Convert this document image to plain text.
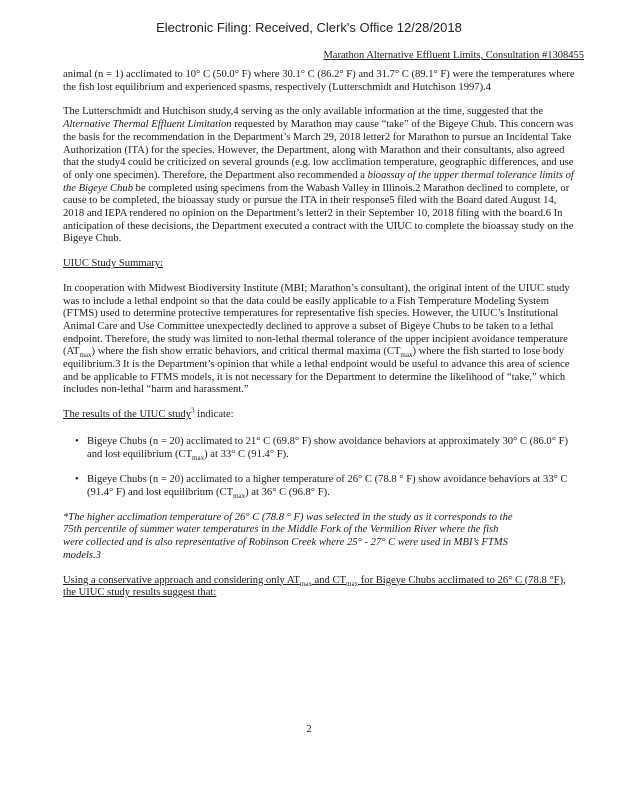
Electronic Filing: Received, Clerk's Office 12/28/2018
Marathon Alternative Effluent Limits, Consultation #1308455

animal (n = 1) acclimated to 10° C (50.0° F) where 30.1° C (86.2° F) and 31.7° C (89.1° F) were the temperatures where the fish lost equilibrium and experienced spasms, respectively (Lutterschmidt and Hutchison 1997).4

The Lutterschmidt and Hutchison study,4 serving as the only available information at the time, suggested that the Alternative Thermal Effluent Limitation requested by Marathon may cause “take” of the Bigeye Chub. This concern was the basis for the recommendation in the Department’s March 29, 2018 letter2 for Marathon to pursue an Incidental Take Authorization (ITA) for the species. However, the Department, along with Marathon and their consultants, also agreed that the study4 could be criticized on several grounds (e.g. low acclimation temperature, geographic differences, and use of only one specimen). Therefore, the Department also recommended a bioassay of the upper thermal tolerance limits of the Bigeye Chub be completed using specimens from the Wabash Valley in Illinois.2 Marathon declined to complete, or cause to be completed, the bioassay study or pursue the ITA in their response5 filed with the Board dated August 14, 2018 and IEPA rendered no opinion on the Department’s letter2 in their September 10, 2018 filing with the board.6 In anticipation of these decisions, the Department executed a contract with the UIUC to complete the bioassay study on the Bigeye Chub.

UIUC Study Summary:

In cooperation with Midwest Biodiversity Institute (MBI; Marathon’s consultant), the original intent of the UIUC study was to include a lethal endpoint so that the data could be easily applicable to a Fish Temperature Modeling System (FTMS) used to determine protective temperatures for representative fish species. However, the UIUC’s Institutional Animal Care and Use Committee unexpectedly declined to approve a subset of Bigeye Chubs to be taken to a lethal endpoint. Therefore, the study was limited to non-lethal thermal tolerance of the upper incipient avoidance temperature $(AT_{max})$ where the fish show erratic behaviors, and critical thermal maxima $(CT_{max})$ where the fish started to lose body equilibrium.3 It is the Department’s opinion that while a lethal endpoint would be useful to advance this area of science and be applicable to FTMS models, it is not necessary for the Department to determine the likelihood of “take,” which includes non-lethal “harm and harassment.”

The results of the UIUC study$^3$ indicate:

• Bigeye Chubs (n = 20) acclimated to 21° C (69.8° F) show avoidance behaviors at approximately 30° C (86.0° F) and lost equilibrium $(CT_{max})$ at 33° C (91.4° F).
• Bigeye Chubs (n = 20) acclimated to a higher temperature of 26° C (78.8 ° F) show avoidance behaviors at 33° C (91.4° F) and lost equilibrium $(CT_{max})$ at 36° C (96.8° F).

*The higher acclimation temperature of 26° C (78.8 ° F) was selected in the study as it corresponds to the 75th percentile of summer water temperatures in the Middle Fork of the Vermilion River where the fish were collected and is also representative of Robinson Creek where 25° - 27° C were used in MBI’s FTMS models.3

Using a conservative approach and considering only $AT_{max}$ and $CT_{max}$ for Bigeye Chubs acclimated to 26° C (78.8 °F), the UIUC study results suggest that:

2
